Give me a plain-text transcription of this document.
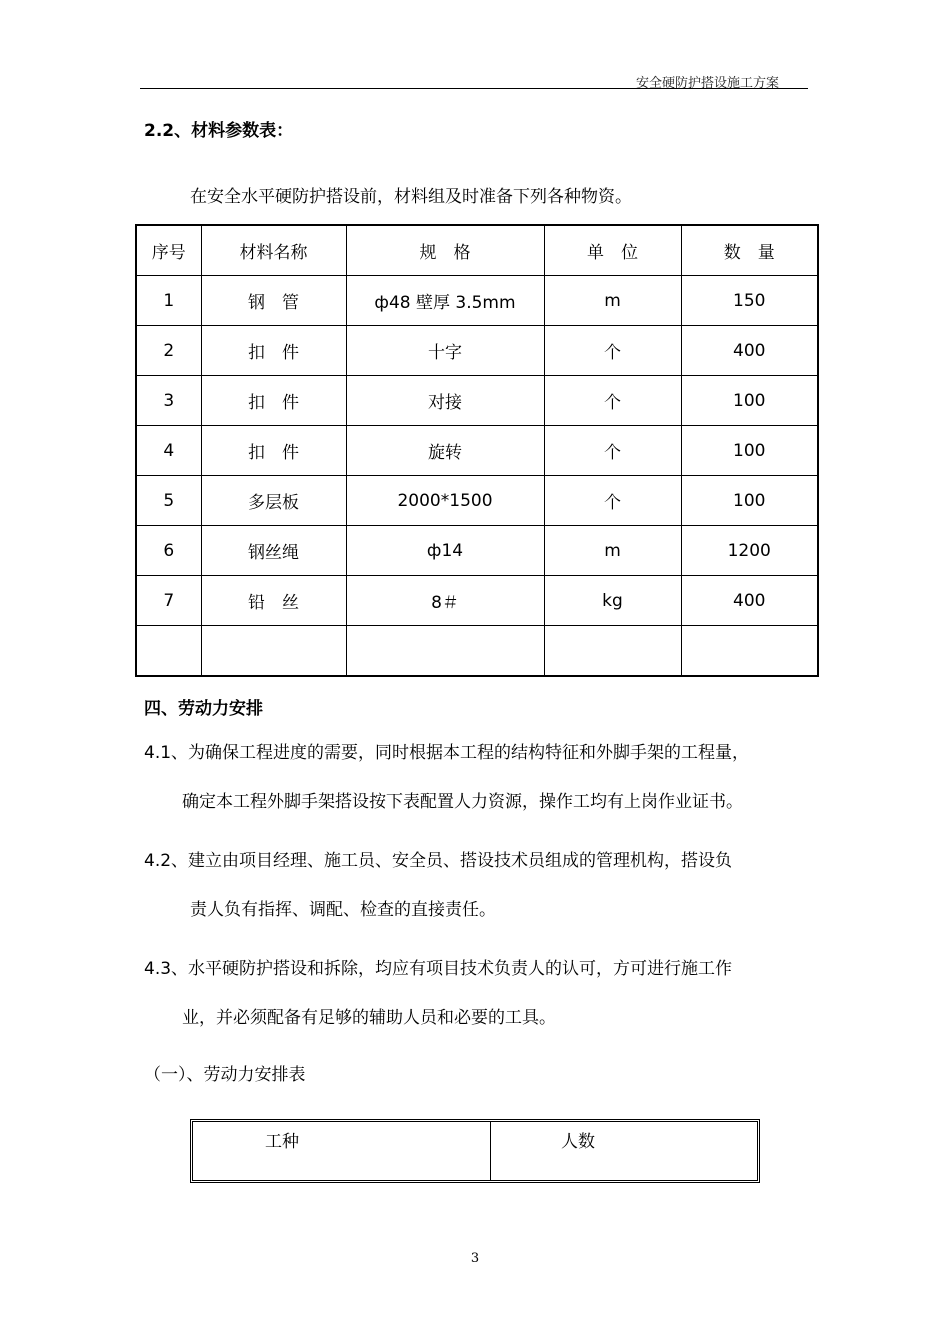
安全硬防护搭设施工方案
2.2、材料参数表：
在安全水平硬防护搭设前，材料组及时准备下列各种物资。
序号	材料名称	规　格	单　位	数　量
1	钢　管	ф48 壁厚 3.5mm	m	150
2	扣　件	十字	个	400
3	扣　件	对接	个	100
4	扣　件	旋转	个	100
5	多层板	2000*1500	个	100
6	钢丝绳	ф14	m	1200
7	铅　丝	8＃	kg	400

四、劳动力安排
4.1、为确保工程进度的需要，同时根据本工程的结构特征和外脚手架的工程量，
确定本工程外脚手架搭设按下表配置人力资源，操作工均有上岗作业证书。
4.2、建立由项目经理、施工员、安全员、搭设技术员组成的管理机构，搭设负
责人负有指挥、调配、检查的直接责任。
4.3、水平硬防护搭设和拆除，均应有项目技术负责人的认可，方可进行施工作
业，并必须配备有足够的辅助人员和必要的工具。
（一）、劳动力安排表
工种	人数
3
